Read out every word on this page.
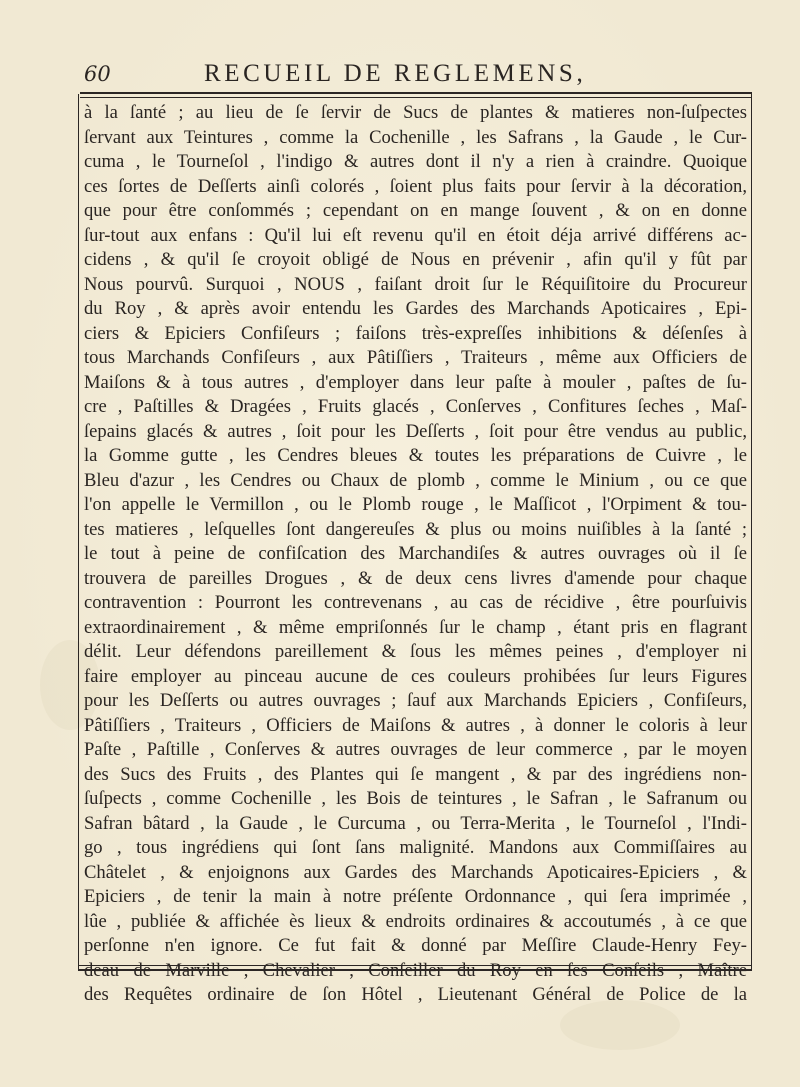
60	RECUEIL DE REGLEMENS,
à la ſanté ; au lieu de ſe ſervir de Sucs de plantes & matieres non-ſuſpectes
ſervant aux Teintures , comme la Cochenille , les Safrans , la Gaude , le Cur-
cuma , le Tourneſol , l'indigo & autres dont il n'y a rien à craindre. Quoique
ces ſortes de Deſſerts ainſi colorés , ſoient plus faits pour ſervir à la décoration,
que pour être conſommés ; cependant on en mange ſouvent , & on en donne
ſur-tout aux enfans : Qu'il lui eſt revenu qu'il en étoit déja arrivé différens ac-
cidens , & qu'il ſe croyoit obligé de Nous en prévenir , afin qu'il y fût par
Nous pourvû. Surquoi , NOUS , faiſant droit ſur le Réquiſitoire du Procureur
du Roy , & après avoir entendu les Gardes des Marchands Apoticaires , Epi-
ciers & Epiciers Confiſeurs ; faiſons très-expreſſes inhibitions & déſenſes à
tous Marchands Confiſeurs , aux Pâtiſſiers , Traiteurs , même aux Officiers de
Maiſons & à tous autres , d'employer dans leur paſte à mouler , paſtes de ſu-
cre , Paſtilles & Dragées , Fruits glacés , Conſerves , Confitures ſeches , Maſ-
ſepains glacés & autres , ſoit pour les Deſſerts , ſoit pour être vendus au public,
la Gomme gutte , les Cendres bleues & toutes les préparations de Cuivre , le
Bleu d'azur , les Cendres ou Chaux de plomb , comme le Minium , ou ce que
l'on appelle le Vermillon , ou le Plomb rouge , le Maſſicot , l'Orpiment & tou-
tes matieres , leſquelles ſont dangereuſes & plus ou moins nuiſibles à la ſanté ;
le tout à peine de confiſcation des Marchandiſes & autres ouvrages où il ſe
trouvera de pareilles Drogues , & de deux cens livres d'amende pour chaque
contravention : Pourront les contrevenans , au cas de récidive , être pourſuivis
extraordinairement , & même empriſonnés ſur le champ , étant pris en flagrant
délit. Leur défendons pareillement & ſous les mêmes peines , d'employer ni
faire employer au pinceau aucune de ces couleurs prohibées ſur leurs Figures
pour les Deſſerts ou autres ouvrages ; ſauf aux Marchands Epiciers , Confiſeurs,
Pâtiſſiers , Traiteurs , Officiers de Maiſons & autres , à donner le coloris à leur
Paſte , Paſtille , Conſerves & autres ouvrages de leur commerce , par le moyen
des Sucs des Fruits , des Plantes qui ſe mangent , & par des ingrédiens non-
ſuſpects , comme Cochenille , les Bois de teintures , le Safran , le Safranum ou
Safran bâtard , la Gaude , le Curcuma , ou Terra-Merita , le Tourneſol , l'Indi-
go , tous ingrédiens qui ſont ſans malignité. Mandons aux Commiſſaires au
Châtelet , & enjoignons aux Gardes des Marchands Apoticaires-Epiciers , &
Epiciers , de tenir la main à notre préſente Ordonnance , qui ſera imprimée ,
lûe , publiée & affichée ès lieux & endroits ordinaires & accoutumés , à ce que
perſonne n'en ignore. Ce fut fait & donné par Meſſire Claude-Henry Fey-
deau de Marville , Chevalier , Conſeiller du Roy en ſes Conſeils , Maître
des Requêtes ordinaire de ſon Hôtel , Lieutenant Général de Police de la
